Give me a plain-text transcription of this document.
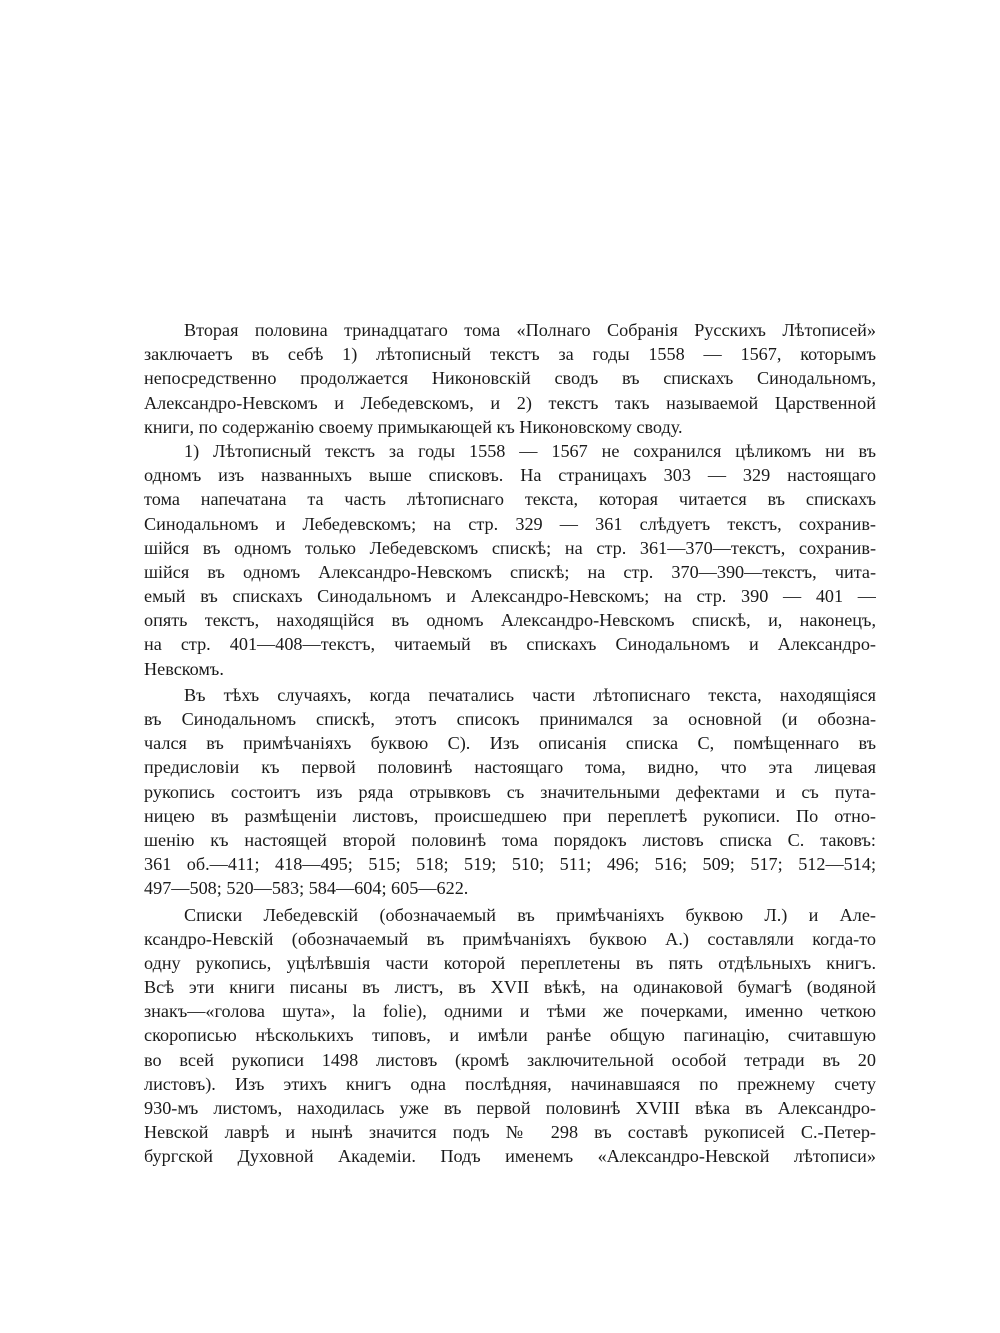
Вторая половина тринадцатаго тома «Полнаго Собранія Русскихъ Лѣтописей»
заключаетъ въ себѣ 1) лѣтописный текстъ за годы 1558 — 1567, которымъ
непосредственно продолжается Никоновскій сводъ въ спискахъ Синодальномъ,
Александро-Невскомъ и Лебедевскомъ, и 2) текстъ такъ называемой Царственной
книги, по содержанію своему примыкающей къ Никоновскому своду.
1) Лѣтописный текстъ за годы 1558 — 1567 не сохранился цѣликомъ ни въ
одномъ изъ названныхъ выше списковъ. На страницахъ 303 — 329 настоящаго
тома напечатана та часть лѣтописнаго текста, которая читается въ спискахъ
Синодальномъ и Лебедевскомъ; на стр. 329 — 361 слѣдуетъ текстъ, сохранив-
шійся въ одномъ только Лебедевскомъ спискѣ; на стр. 361—370—текстъ, сохранив-
шійся въ одномъ Александро-Невскомъ спискѣ; на стр. 370—390—текстъ, чита-
емый въ спискахъ Синодальномъ и Александро-Невскомъ; на стр. 390 — 401 —
опять текстъ, находящійся въ одномъ Александро-Невскомъ спискѣ, и, наконецъ,
на стр. 401—408—текстъ, читаемый въ спискахъ Синодальномъ и Александро-
Невскомъ.
Въ тѣхъ случаяхъ, когда печатались части лѣтописнаго текста, находящіяся
въ Синодальномъ спискѣ, этотъ списокъ принимался за основной (и обозна-
чался въ примѣчаніяхъ буквою С). Изъ описанія списка С, помѣщеннаго въ
предисловіи къ первой половинѣ настоящаго тома, видно, что эта лицевая
рукопись состоитъ изъ ряда отрывковъ съ значительными дефектами и съ пута-
ницею въ размѣщеніи листовъ, происшедшею при переплетѣ рукописи. По отно-
шенію къ настоящей второй половинѣ тома порядокъ листовъ списка С. таковъ:
361 об.—411; 418—495; 515; 518; 519; 510; 511; 496; 516; 509; 517; 512—514;
497—508; 520—583; 584—604; 605—622.
Списки Лебедевскій (обозначаемый въ примѣчаніяхъ буквою Л.) и Але-
ксандро-Невскій (обозначаемый въ примѣчаніяхъ буквою А.) составляли когда-то
одну рукопись, уцѣлѣвшія части которой переплетены въ пять отдѣльныхъ книгъ.
Всѣ эти книги писаны въ листъ, въ XVII вѣкѣ, на одинаковой бумагѣ (водяной
знакъ—«голова шута», la folie), одними и тѣми же почерками, именно четкою
скорописью нѣсколькихъ типовъ, и имѣли ранѣе общую пагинацію, считавшую
во всей рукописи 1498 листовъ (кромѣ заключительной особой тетради въ 20
листовъ). Изъ этихъ книгъ одна послѣдняя, начинавшаяся по прежнему счету
930-мъ листомъ, находилась уже въ первой половинѣ XVIII вѣка въ Александро-
Невской лаврѣ и нынѣ значится подъ № 298 въ составѣ рукописей С.-Петер-
бургской Духовной Академіи. Подъ именемъ «Александро-Невской лѣтописи»
